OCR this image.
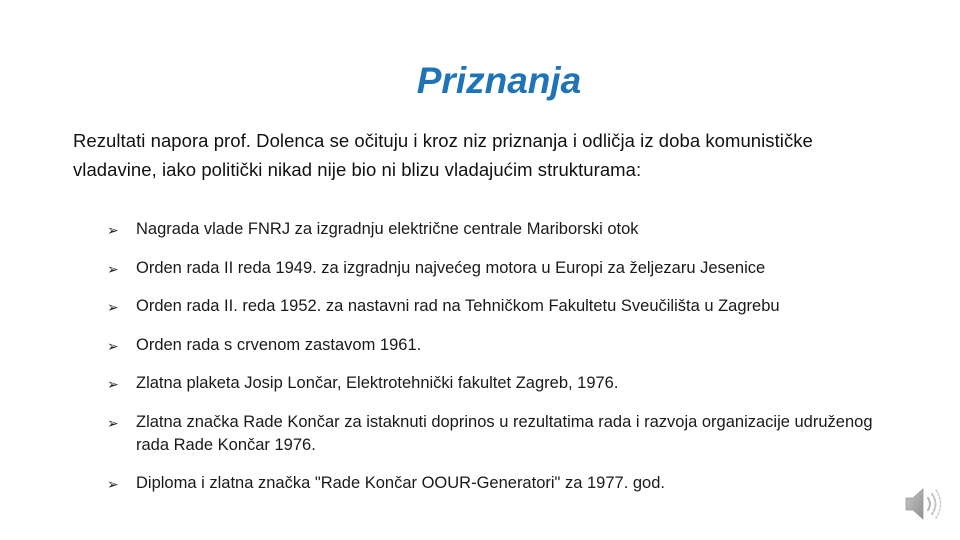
Priznanja
Rezultati napora prof. Dolenca se očituju i kroz niz priznanja i odličja iz doba komunističke vladavine, iako politički nikad nije bio ni blizu vladajućim strukturama:
➢ Nagrada vlade FNRJ za izgradnju električne centrale Mariborski otok
➢ Orden rada II reda 1949. za izgradnju najvećeg motora u Europi za željezaru Jesenice
➢ Orden rada II. reda 1952. za nastavni rad na Tehničkom Fakultetu Sveučilišta u Zagrebu
➢ Orden rada s crvenom zastavom 1961.
➢ Zlatna plaketa Josip Lončar, Elektrotehnički fakultet Zagreb, 1976.
➢ Zlatna značka Rade Končar za istaknuti doprinos u rezultatima rada i razvoja organizacije udruženog rada Rade Končar 1976.
➢ Diploma i zlatna značka "Rade Končar OOUR-Generatori" za 1977. god.
